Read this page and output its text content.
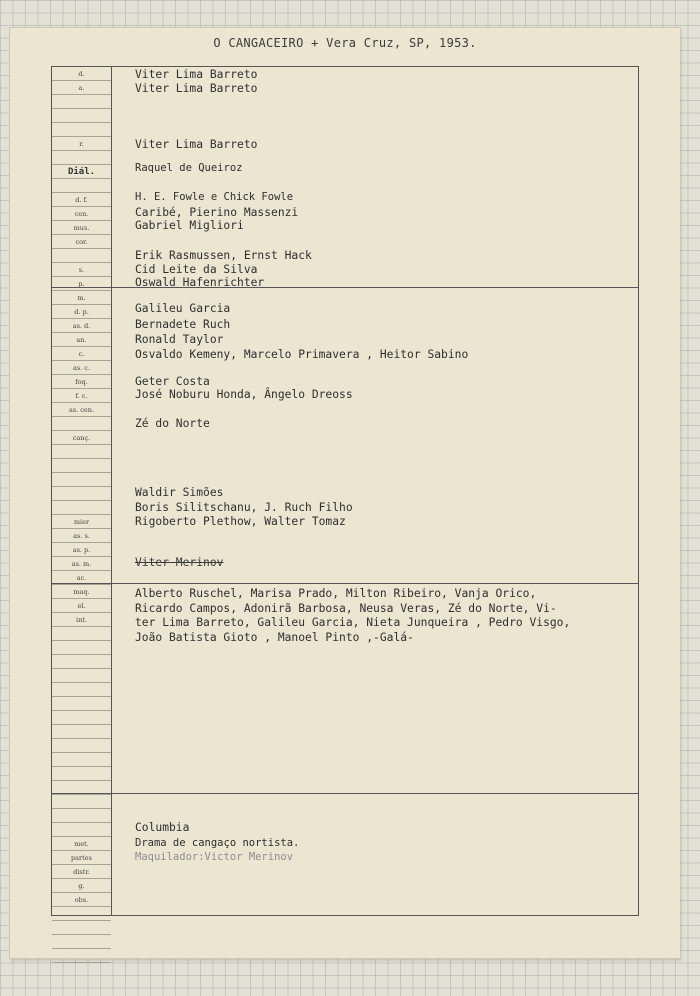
O CANGACEIRO + Vera Cruz, SP, 1953.
d.
a.
r.
Diál.
d. f.
cen.
mus.
cor.
s.
p.
m.
d. p.
as. d.
an.
c.
as. c.
foq.
f. c.
as. cen.
canç.
mier
as. s.
as. p.
as. m.
ac.
maq.
el.
int.
met.
partes
distr.
g.
obs.
Viter Lima Barreto
Viter Lima Barreto
Viter Lima Barreto
Raquel de Queiroz
H. E. Fowle e Chick Fowle
Caribé, Pierino Massenzi
Gabriel Migliori
Erik Rasmussen, Ernst Hack
Cid Leite da Silva
Oswald Hafenrichter
Galileu Garcia
Bernadete Ruch
Ronald Taylor
Osvaldo Kemeny, Marcelo Primavera , Heitor Sabino
Geter Costa
José Noburu Honda, Ângelo Dreoss
Zé do Norte
Waldir Simões
Boris Silitschanu, J. Ruch Filho
Rigoberto Plethow, Walter Tomaz
Viter Merinov
Alberto Ruschel, Marisa Prado, Milton Ribeiro, Vanja Orico,
Ricardo Campos, Adonirã Barbosa, Neusa Veras, Zé do Norte, Vi-
ter Lima Barreto, Galileu Garcia, Nieta Junqueira , Pedro Visgo,
João Batista Gioto , Manoel Pinto ,-Galá-
Columbia
Drama de cangaço nortista.
Maquilador:Victor Merinov
